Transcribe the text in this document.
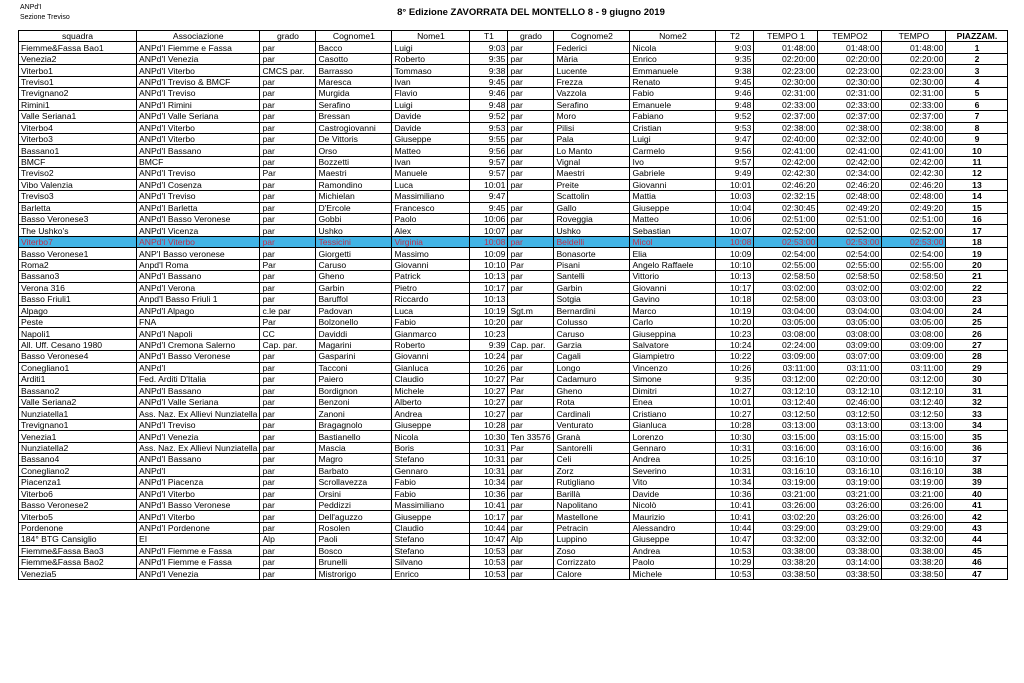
ANPd'I
Sezione Treviso	8° Edizione ZAVORRATA DEL MONTELLO 8 - 9 giugno 2019
squadra	Associazione	grado	Cognome1	Nome1	T1	grado	Cognome2	Nome2	T2	TEMPO 1	TEMPO2	TEMPO	PIAZZAM.
Fiemme&Fassa Bao1	ANPd'I Fiemme e Fassa	par	Bacco	Luigi	9:03	par	Federici	Nicola	9:03	01:48:00	01:48:00	01:48:00	1
Venezia2	ANPd'I Venezia	par	Casotto	Roberto	9:35	par	Mària	Enrico	9:35	02:20:00	02:20:00	02:20:00	2
Viterbo1	ANPd'I Viterbo	CMCS par.	Barrasso	Tommaso	9:38	par	Lucente	Emmanuele	9:38	02:23:00	02:23:00	02:23:00	3
Treviso1	ANPd'I Treviso & BMCF	par	Maresca	Ivan	9:45	par	Frezza	Renato	9:45	02:30:00	02:30:00	02:30:00	4
Trevignano2	ANPd'I Treviso	par	Murgida	Flavio	9:46	par	Vazzola	Fabio	9:46	02:31:00	02:31:00	02:31:00	5
Rimini1	ANPd'I Rimini	par	Serafino	Luigi	9:48	par	Serafino	Emanuele	9:48	02:33:00	02:33:00	02:33:00	6
Valle Seriana1	ANPd'I Valle Seriana	par	Bressan	Davide	9:52	par	Moro	Fabiano	9:52	02:37:00	02:37:00	02:37:00	7
Viterbo4	ANPd'I Viterbo	par	Castrogiovanni	Davide	9:53	par	Pilisi	Cristian	9:53	02:38:00	02:38:00	02:38:00	8
Viterbo3	ANPd'I Viterbo	par	De Vittoris	Giuseppe	9:55	par	Pala	Luigi	9:47	02:40:00	02:32:00	02:40:00	9
Bassano1	ANPd'I Bassano	par	Orso	Matteo	9:56	par	Lo Manto	Carmelo	9:56	02:41:00	02:41:00	02:41:00	10
BMCF	BMCF	par	Bozzetti	Ivan	9:57	par	Vignal	Ivo	9:57	02:42:00	02:42:00	02:42:00	11
Treviso2	ANPd'I Treviso	Par	Maestri	Manuele	9:57	par	Maestri	Gabriele	9:49	02:42:30	02:34:00	02:42:30	12
Vibo Valenzia	ANPd'I Cosenza	par	Ramondino	Luca	10:01	par	Preite	Giovanni	10:01	02:46:20	02:46:20	02:46:20	13
Treviso3	ANPd'I Treviso	par	Michielan	Massimiliano	9:47		Scattolin	Mattia	10:03	02:32:15	02:48:00	02:48:00	14
Barletta	ANPd'I Barletta	par	D'Ercole	Francesco	9:45	par	Gallo	Giuseppe	10:04	02:30:45	02:49:20	02:49:20	15
Basso Veronese3	ANPd'I Basso Veronese	par	Gobbi	Paolo	10:06	par	Roveggia	Matteo	10:06	02:51:00	02:51:00	02:51:00	16
The Ushko's	ANPd'I Vicenza	par	Ushko	Alex	10:07	par	Ushko	Sebastian	10:07	02:52:00	02:52:00	02:52:00	17
Viterbo7	ANPd'I Viterbo	par	Tessicini	Virginia	10:08	par	Beldelli	Micol	10:08	02:53:00	02:53:00	02:53:00	18
Basso Veronese1	ANP'I Basso veronese	par	Giorgetti	Massimo	10:09	par	Bonasorte	Elia	10:09	02:54:00	02:54:00	02:54:00	19
Roma2	Anpd'I Roma	Par	Caruso	Giovanni	10:10	Par	Pisani	Angelo Raffaele	10:10	02:55:00	02:55:00	02:55:00	20
Bassano3	ANPd'I Bassano	par	Gheno	Patrick	10:13	par	Santelli	Vittorio	10:13	02:58:50	02:58:50	02:58:50	21
Verona 316	ANPd'I Verona	par	Garbin	Pietro	10:17	par	Garbin	Giovanni	10:17	03:02:00	03:02:00	03:02:00	22
Basso Friuli1	Anpd'I Basso Friuli 1	par	Baruffol	Riccardo	10:13		Sotgia	Gavino	10:18	02:58:00	03:03:00	03:03:00	23
Alpago	ANPd'I Alpago	c.le par	Padovan	Luca	10:19	Sgt.m	Bernardini	Marco	10:19	03:04:00	03:04:00	03:04:00	24
Peste	FNA	Par	Bolzonello	Fabio	10:20	par	Colusso	Carlo	10:20	03:05:00	03:05:00	03:05:00	25
Napoli1	ANPd'I Napoli	CC	Daviddi	Gianmarco	10:23		Caruso	Giuseppina	10:23	03:08:00	03:08:00	03:08:00	26
All. Uff. Cesano 1980	ANPd'I Cremona Salerno	Cap. par.	Magarini	Roberto	9:39	Cap. par.	Garzia	Salvatore	10:24	02:24:00	03:09:00	03:09:00	27
Basso Veronese4	ANPd'I Basso Veronese	par	Gasparini	Giovanni	10:24	par	Cagali	Giampietro	10:22	03:09:00	03:07:00	03:09:00	28
Conegliano1	ANPd'I	par	Tacconi	Gianluca	10:26	par	Longo	Vincenzo	10:26	03:11:00	03:11:00	03:11:00	29
Arditi1	Fed. Arditi D'Italia	par	Paiero	Claudio	10:27	Par	Cadamuro	Simone	9:35	03:12:00	02:20:00	03:12:00	30
Bassano2	ANPd'I Bassano	par	Bordignon	Michele	10:27	Par	Gheno	Dimitri	10:27	03:12:10	03:12:10	03:12:10	31
Valle Seriana2	ANPd'I Valle Seriana	par	Benzoni	Alberto	10:27	par	Rota	Enea	10:01	03:12:40	02:46:00	03:12:40	32
Nunziatella1	Ass. Naz. Ex Allievi Nunziatella	par	Zanoni	Andrea	10:27	par	Cardinali	Cristiano	10:27	03:12:50	03:12:50	03:12:50	33
Trevignano1	ANPd'I Treviso	par	Bragagnolo	Giuseppe	10:28	par	Venturato	Gianluca	10:28	03:13:00	03:13:00	03:13:00	34
Venezia1	ANPd'I Venezia	par	Bastianello	Nicola	10:30	Ten 33576	Granà	Lorenzo	10:30	03:15:00	03:15:00	03:15:00	35
Nunziatella2	Ass. Naz. Ex Allievi Nunziatella	par	Mascia	Boris	10:31	Par	Santorelli	Gennaro	10:31	03:16:00	03:16:00	03:16:00	36
Bassano4	ANPd'I Bassano	par	Magro	Stefano	10:31	par	Celi	Andrea	10:25	03:16:10	03:10:00	03:16:10	37
Conegliano2	ANPd'I	par	Barbato	Gennaro	10:31	par	Zorz	Severino	10:31	03:16:10	03:16:10	03:16:10	38
Piacenza1	ANPd'I Piacenza	par	Scrollavezza	Fabio	10:34	par	Rutigliano	Vito	10:34	03:19:00	03:19:00	03:19:00	39
Viterbo6	ANPd'I Viterbo	par	Orsini	Fabio	10:36	par	Barillà	Davide	10:36	03:21:00	03:21:00	03:21:00	40
Basso Veronese2	ANPd'I Basso Veronese	par	Peddizzi	Massimiliano	10:41	par	Napolitano	Nicolò	10:41	03:26:00	03:26:00	03:26:00	41
Viterbo5	ANPd'I Viterbo	par	Dell'aguzzo	Giuseppe	10:17	par	Mastellone	Maurizio	10:41	03:02:20	03:26:00	03:26:00	42
Pordenone	ANPd'I Pordenone	par	Rosolen	Claudio	10:44	par	Petracin	Alessandro	10:44	03:29:00	03:29:00	03:29:00	43
184° BTG Cansiglio	EI	Alp	Paoli	Stefano	10:47	Alp	Luppino	Giuseppe	10:47	03:32:00	03:32:00	03:32:00	44
Fiemme&Fassa Bao3	ANPd'I Fiemme e Fassa	par	Bosco	Stefano	10:53	par	Zoso	Andrea	10:53	03:38:00	03:38:00	03:38:00	45
Fiemme&Fassa Bao2	ANPd'I Fiemme e Fassa	par	Brunelli	Silvano	10:53	par	Corrizzato	Paolo	10:29	03:38:20	03:14:00	03:38:20	46
Venezia5	ANPd'I Venezia	par	Mistrorigo	Enrico	10:53	par	Calore	Michele	10:53	03:38:50	03:38:50	03:38:50	47
